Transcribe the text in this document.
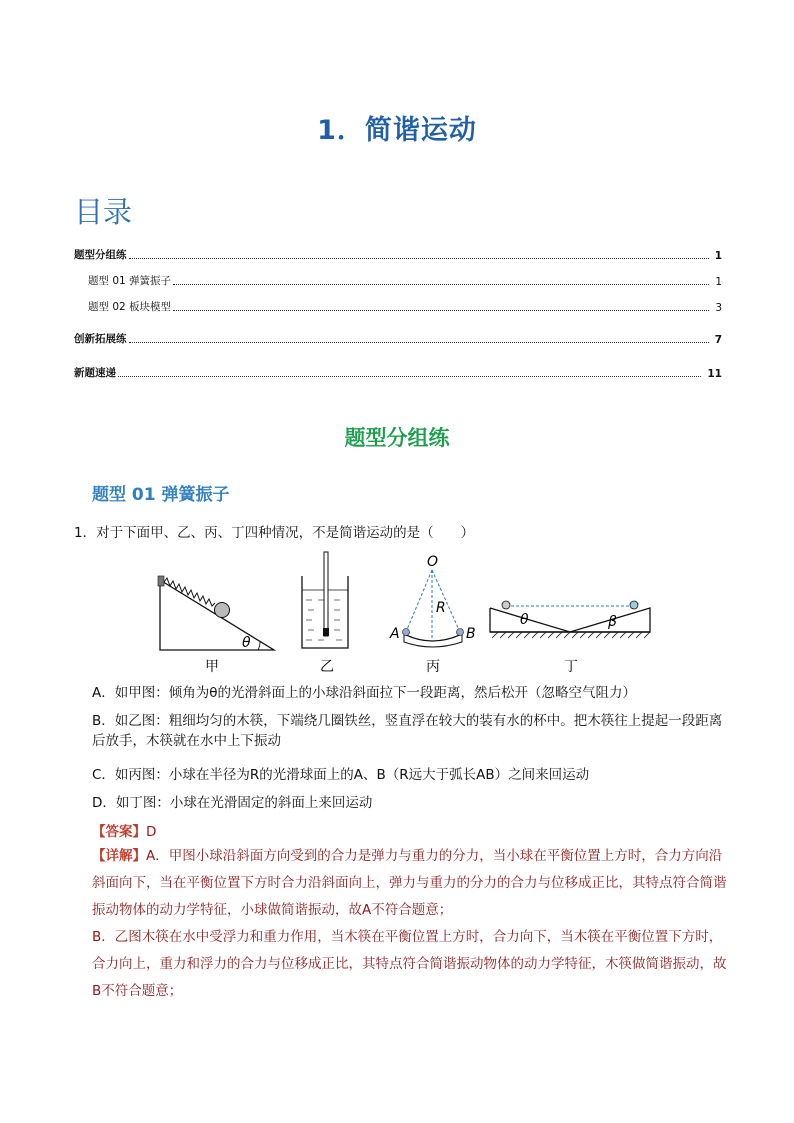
1．简谐运动
目录
题型分组练	1
题型 01 弹簧振子	1
题型 02 板块模型	3
创新拓展练	7
新题速递	11
题型分组练
题型 01 弹簧振子
1．对于下面甲、乙、丙、丁四种情况，不是简谐运动的是（　　）
θ
甲	乙
O
R
A	B
丙
θ	β
丁
A．如甲图：倾角为θ的光滑斜面上的小球沿斜面拉下一段距离，然后松开（忽略空气阻力）
B．如乙图：粗细均匀的木筷，下端绕几圈铁丝，竖直浮在较大的装有水的杯中。把木筷往上提起一段距离后放手，木筷就在水中上下振动
C．如丙图：小球在半径为R的光滑球面上的A、B（R远大于弧长AB）之间来回运动
D．如丁图：小球在光滑固定的斜面上来回运动
【答案】D
【详解】A．甲图小球沿斜面方向受到的合力是弹力与重力的分力，当小球在平衡位置上方时，合力方向沿斜面向下，当在平衡位置下方时合力沿斜面向上，弹力与重力的分力的合力与位移成正比，其特点符合简谐振动物体的动力学特征，小球做简谐振动，故A不符合题意；
B．乙图木筷在水中受浮力和重力作用，当木筷在平衡位置上方时，合力向下，当木筷在平衡位置下方时，合力向上，重力和浮力的合力与位移成正比，其特点符合简谐振动物体的动力学特征，木筷做简谐振动，故B不符合题意；
